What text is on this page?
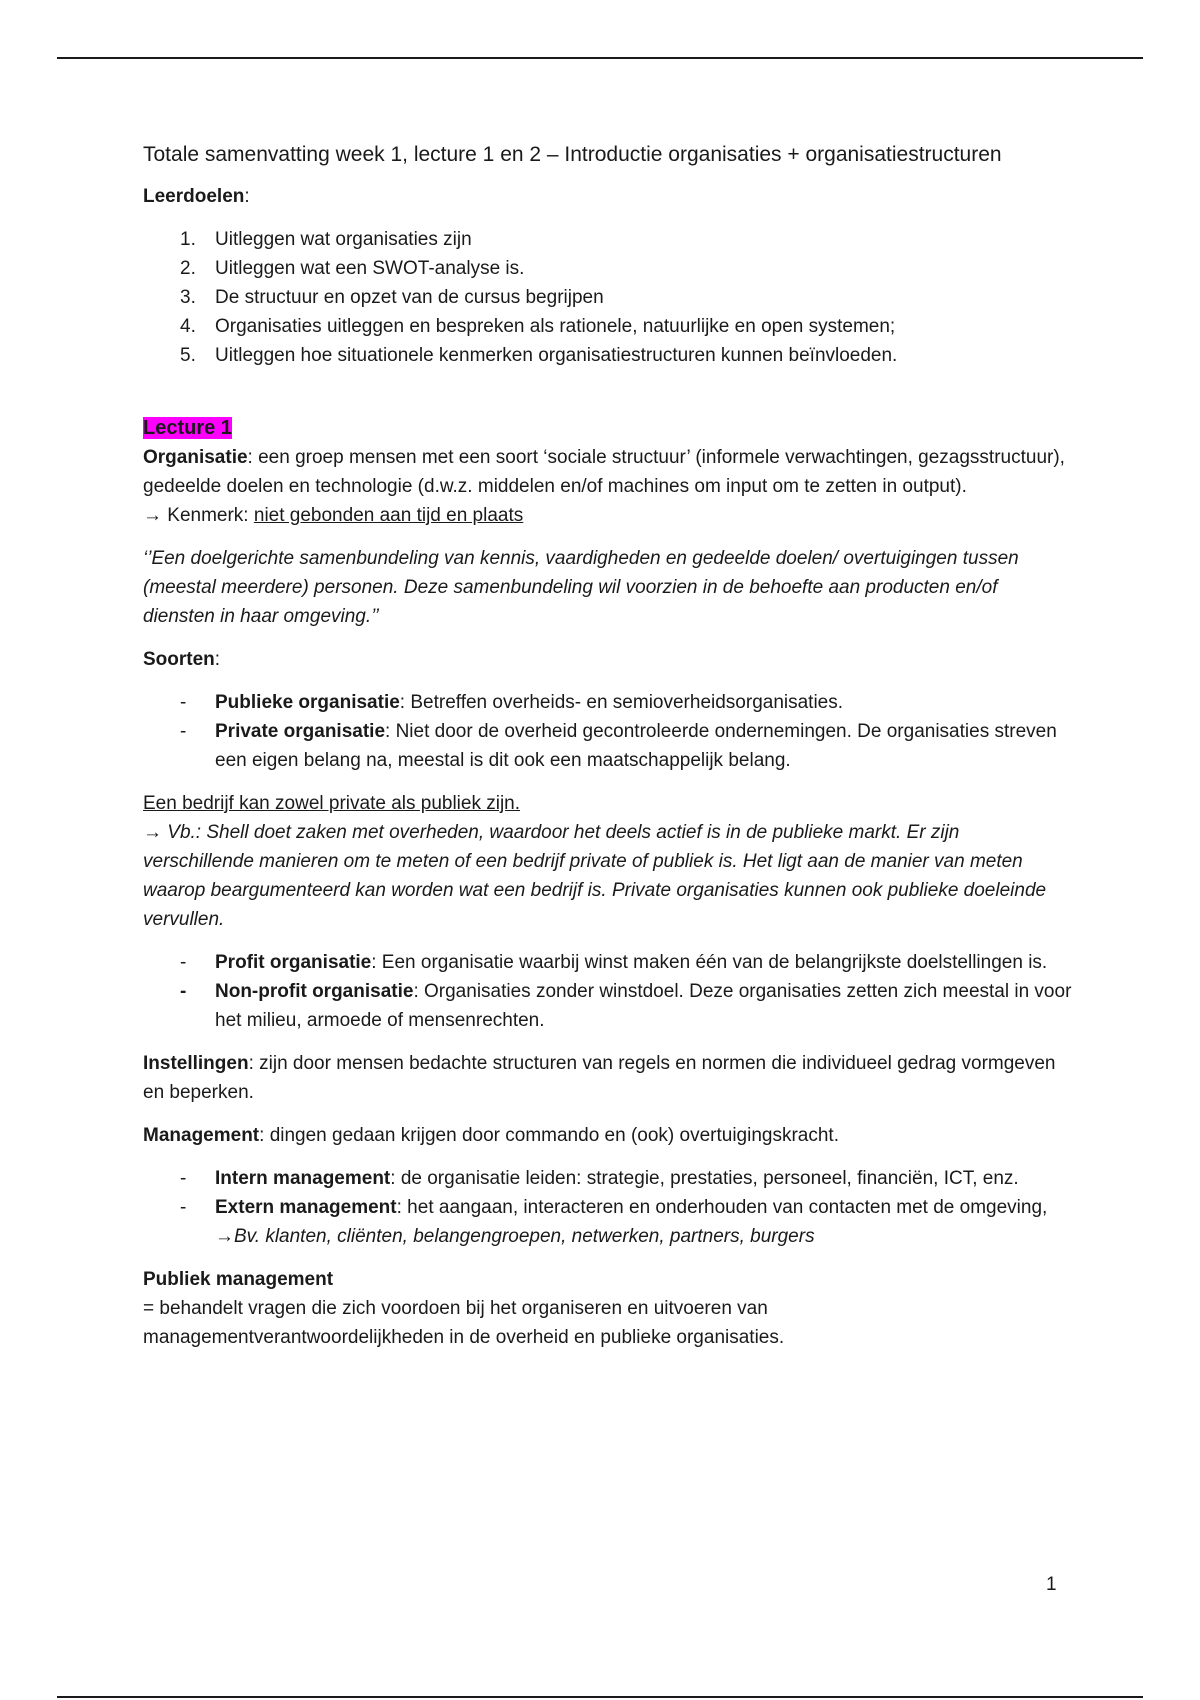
Totale samenvatting week 1, lecture 1 en 2 – Introductie organisaties + organisatiestructuren

Leerdoelen:

1. Uitleggen wat organisaties zijn
2. Uitleggen wat een SWOT-analyse is.
3. De structuur en opzet van de cursus begrijpen
4. Organisaties uitleggen en bespreken als rationele, natuurlijke en open systemen;
5. Uitleggen hoe situationele kenmerken organisatiestructuren kunnen beïnvloeden.
Lecture 1
Organisatie: een groep mensen met een soort ‘sociale structuur’ (informele verwachtingen, gezagsstructuur), gedeelde doelen en technologie (d.w.z. middelen en/of machines om input om te zetten in output).

→ Kenmerk: niet gebonden aan tijd en plaats

‘’Een doelgerichte samenbundeling van kennis, vaardigheden en gedeelde doelen/ overtuigingen tussen (meestal meerdere) personen. Deze samenbundeling wil voorzien in de behoefte aan producten en/of diensten in haar omgeving.’’

Soorten:

- Publieke organisatie: Betreffen overheids- en semioverheidsorganisaties.
- Private organisatie: Niet door de overheid gecontroleerde ondernemingen. De organisaties streven een eigen belang na, meestal is dit ook een maatschappelijk belang.
Een bedrijf kan zowel private als publiek zijn.

→ Vb.: Shell doet zaken met overheden, waardoor het deels actief is in de publieke markt. Er zijn verschillende manieren om te meten of een bedrijf private of publiek is. Het ligt aan de manier van meten waarop beargumenteerd kan worden wat een bedrijf is. Private organisaties kunnen ook publieke doeleinde vervullen.

- Profit organisatie: Een organisatie waarbij winst maken één van de belangrijkste doelstellingen is.
- Non-profit organisatie: Organisaties zonder winstdoel. Deze organisaties zetten zich meestal in voor het milieu, armoede of mensenrechten.

Instellingen: zijn door mensen bedachte structuren van regels en normen die individueel gedrag vormgeven en beperken.

Management: dingen gedaan krijgen door commando en (ook) overtuigingskracht.

- Intern management: de organisatie leiden: strategie, prestaties, personeel, financiën, ICT, enz.
- Extern management: het aangaan, interacteren en onderhouden van contacten met de omgeving,
→Bv. klanten, cliënten, belangengroepen, netwerken, partners, burgers
Publiek management
= behandelt vragen die zich voordoen bij het organiseren en uitvoeren van managementverantwoordelijkheden in de overheid en publieke organisaties.
1
